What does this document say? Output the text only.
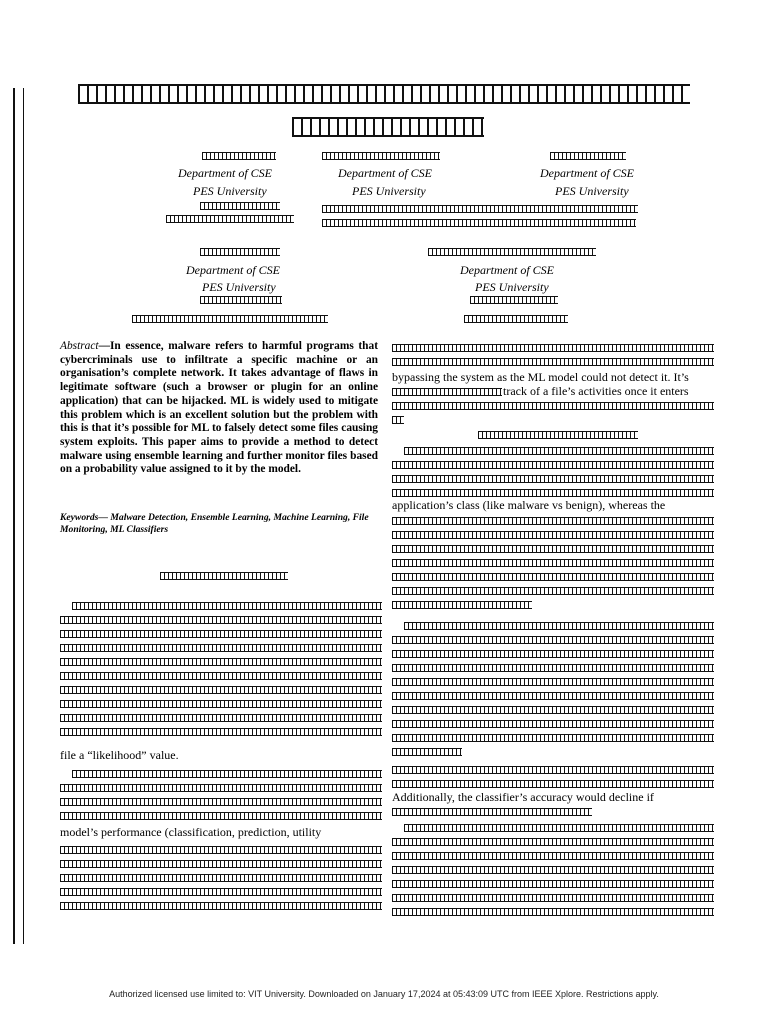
Department of CSE
PES University
Department of CSE
PES University
Department of CSE
PES University
Department of CSE
PES University
Department of CSE
PES University
Abstract—In essence, malware refers to harmful programs that cybercriminals use to infiltrate a specific machine or an organisation’s complete network. It takes advantage of flaws in legitimate software (such a browser or plugin for an online application) that can be hijacked. ML is widely used to mitigate this problem which is an excellent solution but the problem with this is that it’s possible for ML to falsely detect some files causing system exploits. This paper aims to provide a method to detect malware using ensemble learning and further monitor files based on a probability value assigned to it by the model.
Keywords— Malware Detection, Ensemble Learning, Machine Learning, File Monitoring, ML Classifiers
file a “likelihood” value.
model’s performance (classification, prediction, utility
bypassing the system as the ML model could not detect it. It’s
track of a file’s activities once it enters
application’s class (like malware vs benign), whereas the
Additionally, the classifier’s accuracy would decline if
Authorized licensed use limited to: VIT University. Downloaded on January 17,2024 at 05:43:09 UTC from IEEE Xplore. Restrictions apply.
